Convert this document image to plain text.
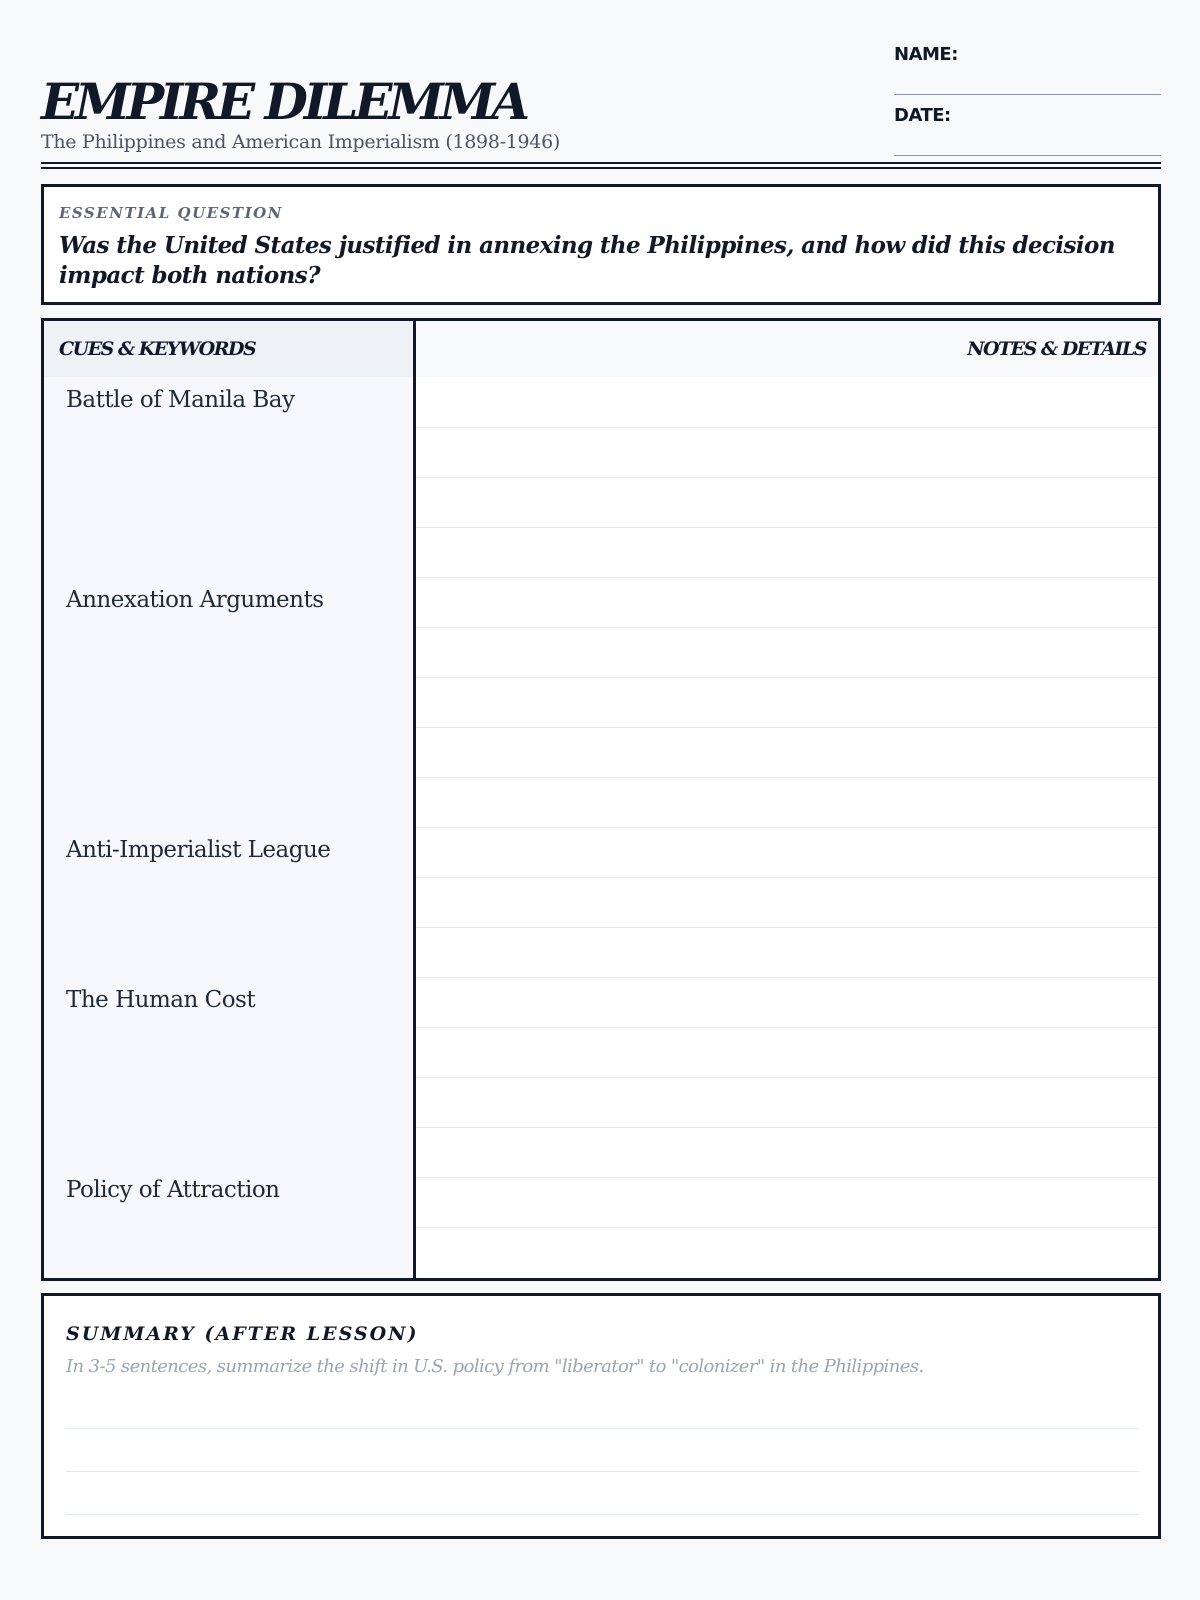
EMPIRE DILEMMA
The Philippines and American Imperialism (1898-1946)
NAME:
DATE:
ESSENTIAL QUESTION
Was the United States justified in annexing the Philippines, and how did this decision impact both nations?
CUES & KEYWORDS	NOTES & DETAILS
Battle of Manila Bay
Annexation Arguments
Anti-Imperialist League
The Human Cost
Policy of Attraction
SUMMARY (AFTER LESSON)
In 3-5 sentences, summarize the shift in U.S. policy from "liberator" to "colonizer" in the Philippines.
